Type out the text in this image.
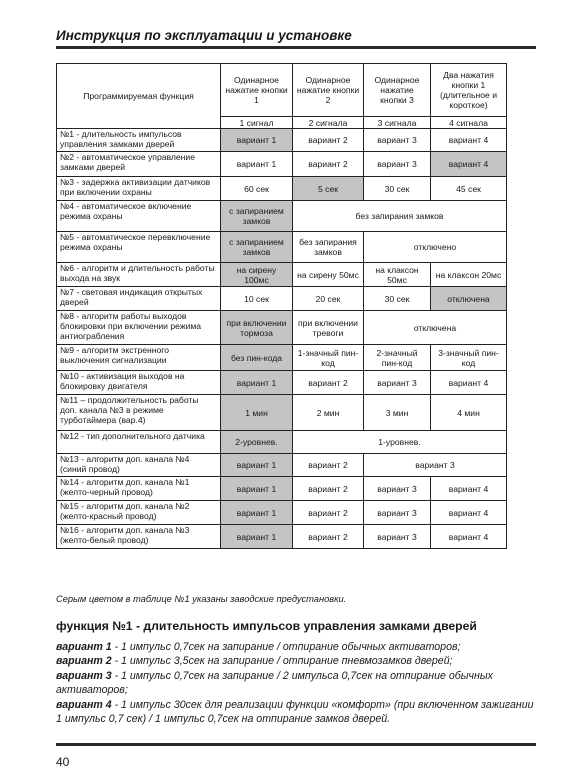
Инструкция по эксплуатации и установке
Программируемая функция	Одинарное нажатие кнопки 1	Одинарное нажатие кнопки 2	Одинарное нажатие кнопки 3	Два нажатия кнопки 1 (длительное и короткое)
	1 сигнал	2 сигнала	3 сигнала	4 сигнала
№1 - длительность импульсов управления замками дверей	вариант 1	вариант 2	вариант 3	вариант 4
№2 - автоматическое управление замками дверей	вариант 1	вариант 2	вариант 3	вариант 4
№3 - задержка активизации датчиков при включении охраны	60 сек	5 сек	30 сек	45 сек
№4 - автоматическое включение режима охраны	с запиранием замков	без запирания замков		
№5 - автоматическое перевключение режима охраны	с запиранием замков	без запирания замков	отключено	
№6 - алгоритм и длительность работы выхода на звук	на сирену 100мс	на сирену 50мс	на клаксон 50мс	на клаксон 20мс
№7 - световая индикация открытых дверей	10 сек	20 сек	30 сек	отключена
№8 - алгоритм работы выходов блокировки при включении режима антиограбления	при включении тормоза	при включении тревоги	отключена	
№9 - алгоритм экстренного выключения сигнализации	без пин-кода	1-значный пин-код	2-значный пин-код	3-значный пин-код
№10 - активизация выходов на блокировку двигателя	вариант 1	вариант 2	вариант 3	вариант 4
№11 – продолжительность работы доп. канала №3 в режиме турботаймера (вар.4)	1 мин	2 мин	3 мин	4 мин
№12 - тип дополнительного датчика	2-уровнев.	1-уровнев.		
№13 - алгоритм доп. канала №4 (синий провод)	вариант 1	вариант 2	вариант 3	
№14 - алгоритм доп. канала №1 (желто-черный провод)	вариант 1	вариант 2	вариант 3	вариант 4
№15 - алгоритм доп. канала №2 (желто-красный провод)	вариант 1	вариант 2	вариант 3	вариант 4
№16 - алгоритм доп. канала №3 (желто-белый провод)	вариант 1	вариант 2	вариант 3	вариант 4
Серым цветом в таблице №1 указаны заводские предустановки.
функция №1 - длительность импульсов управления замками дверей

вариант 1 - 1 импульс 0,7сек на запирание / отпирание обычных активаторов;

вариант 2 - 1 импульс 3,5сек на запирание / отпирание пневмозамков дверей;

вариант 3 - 1 импульс 0,7сек на запирание / 2 импульса 0,7сек на отпирание обычных активаторов;

вариант 4 - 1 импульс 30сек для реализации функции «комфорт» (при включенном зажигании 1 импульс 0,7 сек) / 1 импульс 0,7сек на отпирание замков дверей.

40
